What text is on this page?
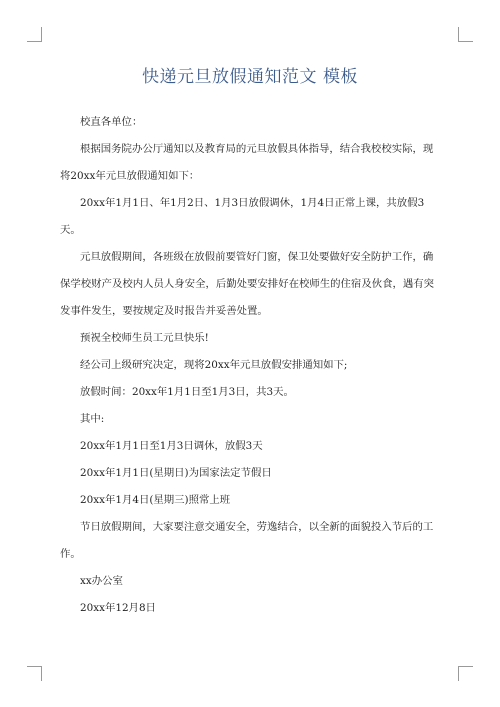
快递元旦放假通知范文 模板

校直各单位：

根据国务院办公厅通知以及教育局的元旦放假具体指导，结合我校校实际，现将20xx年元旦放假通知如下：

20xx年1月1日、年1月2日、1月3日放假调休，1月4日正常上课，共放假3天。

元旦放假期间，各班级在放假前要管好门窗，保卫处要做好安全防护工作，确保学校财产及校内人员人身安全，后勤处要安排好在校师生的住宿及伙食，遇有突发事件发生，要按规定及时报告并妥善处置。

预祝全校师生员工元旦快乐!

经公司上级研究决定，现将20xx年元旦放假安排通知如下;

放假时间：20xx年1月1日至1月3日，共3天。

其中:

20xx年1月1日至1月3日调休，放假3天

20xx年1月1日(星期日)为国家法定节假日

20xx年1月4日(星期三)照常上班

节日放假期间，大家要注意交通安全，劳逸结合，以全新的面貌投入节后的工作。

xx办公室

20xx年12月8日
